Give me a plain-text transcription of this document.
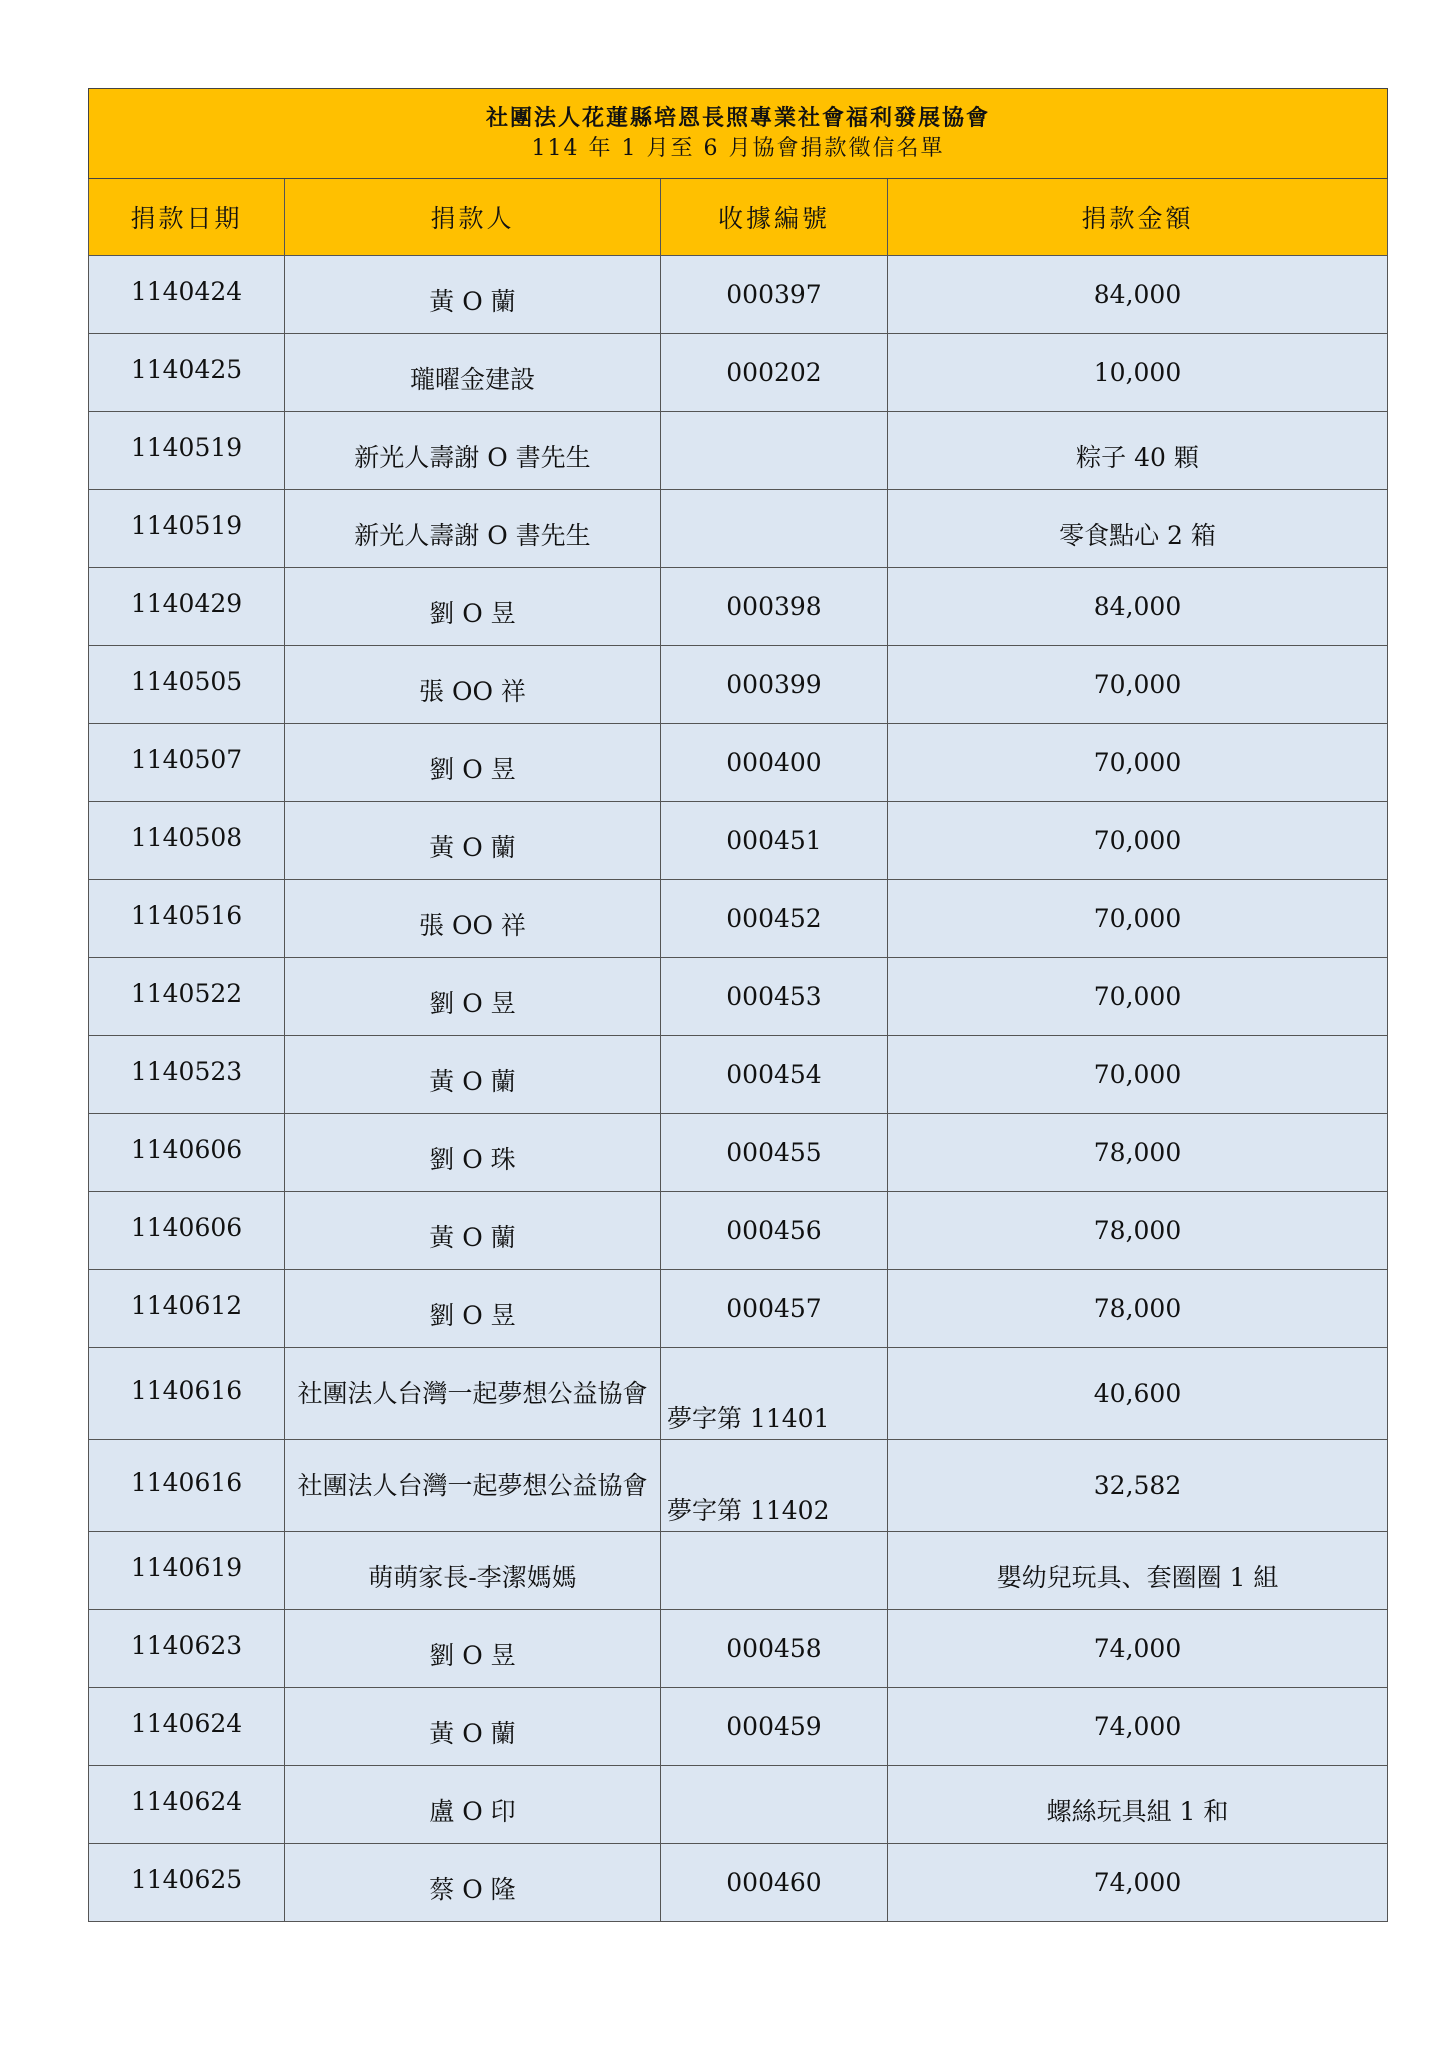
社團法人花蓮縣培恩長照專業社會福利發展協會
114 年 1 月至 6 月協會捐款徵信名單			

捐款日期	捐款人	收據編號	捐款金額
1140424	黃 O 蘭	000397	84,000
1140425	瓏曜金建設	000202	10,000
1140519	新光人壽謝 O 書先生		粽子 40 顆
1140519	新光人壽謝 O 書先生		零食點心 2 箱
1140429	劉 O 昱	000398	84,000
1140505	張 OO 祥	000399	70,000
1140507	劉 O 昱	000400	70,000
1140508	黃 O 蘭	000451	70,000
1140516	張 OO 祥	000452	70,000
1140522	劉 O 昱	000453	70,000
1140523	黃 O 蘭	000454	70,000
1140606	劉 O 珠	000455	78,000
1140606	黃 O 蘭	000456	78,000
1140612	劉 O 昱	000457	78,000
1140616	社團法人台灣一起夢想公益協會	夢字第 11401	40,600
1140616	社團法人台灣一起夢想公益協會	夢字第 11402	32,582
1140619	萌萌家長-李潔媽媽		嬰幼兒玩具、套圈圈 1 組
1140623	劉 O 昱	000458	74,000
1140624	黃 O 蘭	000459	74,000
1140624	盧 O 印		螺絲玩具組 1 和
1140625	蔡 O 隆	000460	74,000
